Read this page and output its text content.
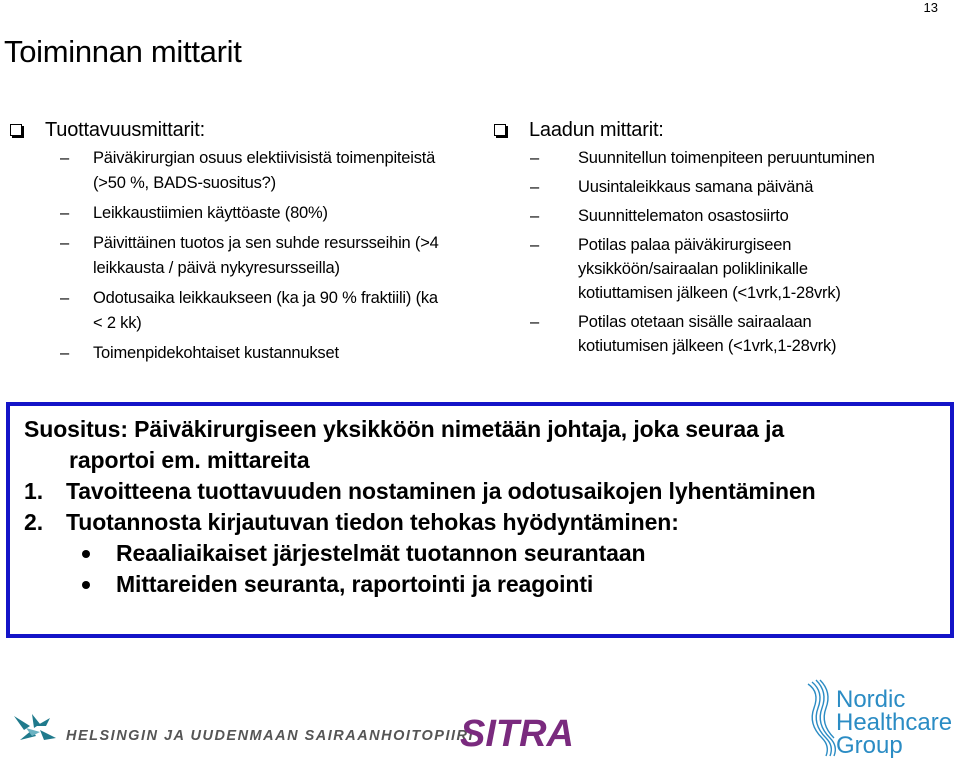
13
Toiminnan mittarit
Tuottavuusmittarit:
– Päiväkirurgian osuus elektiivisistä toimenpiteistä
(>50 %, BADS-suositus?)
– Leikkaustiimien käyttöaste (80%)
– Päivittäinen tuotos ja sen suhde resursseihin (>4
leikkausta / päivä nykyresursseilla)
– Odotusaika leikkaukseen (ka ja 90 % fraktiili) (ka
< 2 kk)
– Toimenpidekohtaiset kustannukset
Laadun mittarit:
– Suunnitellun toimenpiteen peruuntuminen
– Uusintaleikkaus samana päivänä
– Suunnittelematon osastosiirto
– Potilas palaa päiväkirurgiseen
yksikköön/sairaalan poliklinikalle
kotiuttamisen jälkeen (<1vrk,1-28vrk)
– Potilas otetaan sisälle sairaalaan
kotiutumisen jälkeen (<1vrk,1-28vrk)
Suositus: Päiväkirurgiseen yksikköön nimetään johtaja, joka seuraa ja
raportoi em. mittareita
1. Tavoitteena tuottavuuden nostaminen ja odotusaikojen lyhentäminen
2. Tuotannosta kirjautuvan tiedon tehokas hyödyntäminen:
Reaaliaikaiset järjestelmät tuotannon seurantaan
Mittareiden seuranta, raportointi ja reagointi
HELSINGIN JA UUDENMAAN SAIRAANHOITOPIIRI
SITRA
Nordic
Healthcare
Group
